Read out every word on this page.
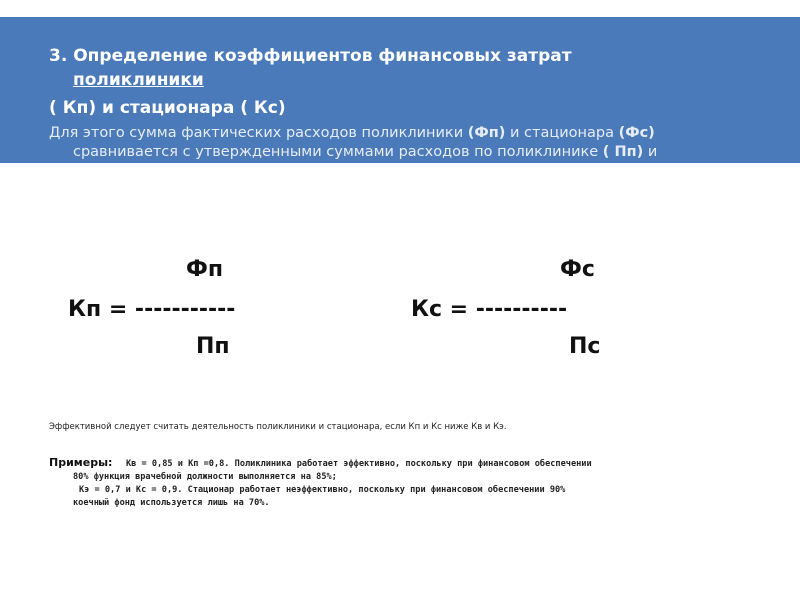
3. Определение коэффициентов финансовых затрат
поликлиники
( Кп) и стационара ( Кс)
Для этого сумма фактических расходов поликлиники (Фп) и стационара (Фс)
сравнивается с утвержденными суммами расходов по поликлинике ( Пп) и
Фп
Кп = -----------
Пп
Фс
Кс = ----------
Пс
Эффективной следует считать деятельность поликлиники и стационара, если Кп и Кс ниже Кв и Кэ.
Примеры: Кв = 0,85 и Кп =0,8. Поликлиника работает эффективно, поскольку при финансовом обеспечении
80% функция врачебной должности выполняется на 85%;
Кэ = 0,7 и Кс = 0,9. Стационар работает неэффективно, поскольку при финансовом обеспечении 90%
коечный фонд используется лишь на 70%.
